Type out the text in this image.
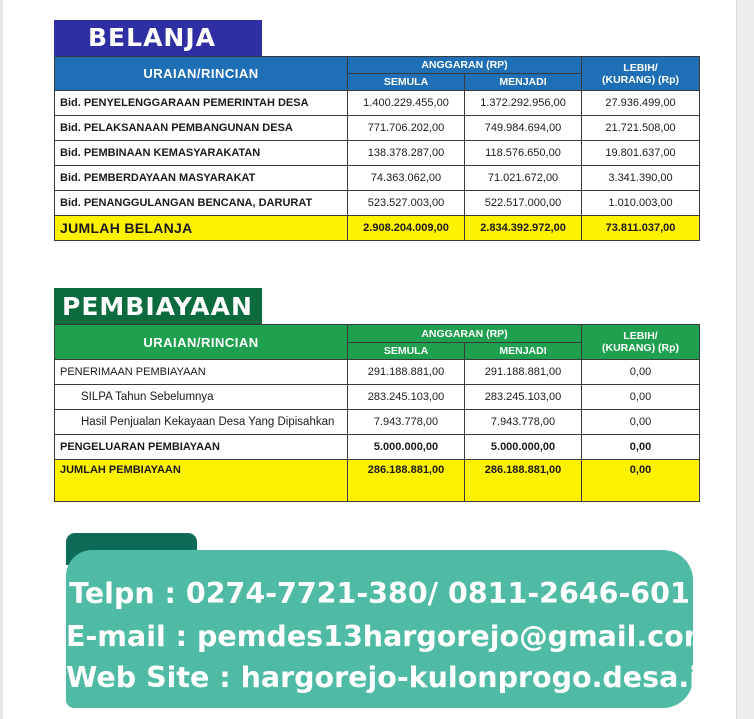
BELANJA
URAIAN/RINCIAN	ANGGARAN (RP)		LEBIH/
(KURANG) (Rp)

	SEMULA	MENJADI	
Bid. PENYELENGGARAAN PEMERINTAH DESA	1.400.229.455,00	1.372.292.956,00	27.936.499,00
Bid. PELAKSANAAN PEMBANGUNAN DESA	771.706.202,00	749.984.694,00	21.721.508,00
Bid. PEMBINAAN KEMASYARAKATAN	138.378.287,00	118.576.650,00	19.801.637,00
Bid. PEMBERDAYAAN MASYARAKAT	74.363.062,00	71.021.672,00	3.341.390,00
Bid. PENANGGULANGAN BENCANA, DARURAT	523.527.003,00	522.517.000,00	1.010.003,00
JUMLAH BELANJA	2.908.204.009,00	2.834.392.972,00	73.811.037,00
PEMBIAYAAN
URAIAN/RINCIAN	ANGGARAN (RP)		LEBIH/
(KURANG) (Rp)

	SEMULA	MENJADI	
PENERIMAAN PEMBIAYAAN	291.188.881,00	291.188.881,00	0,00
SILPA Tahun Sebelumnya	283.245.103,00	283.245.103,00	0,00
Hasil Penjualan Kekayaan Desa Yang Dipisahkan	7.943.778,00	7.943.778,00	0,00
PENGELUARAN PEMBIAYAAN	5.000.000,00	5.000.000,00	0,00
JUMLAH PEMBIAYAAN	286.188.881,00	286.188.881,00	0,00
Telpn : 0274-7721-380/ 0811-2646-601
E-mail : pemdes13hargorejo@gmail.com
Web Site : hargorejo-kulonprogo.desa.id
